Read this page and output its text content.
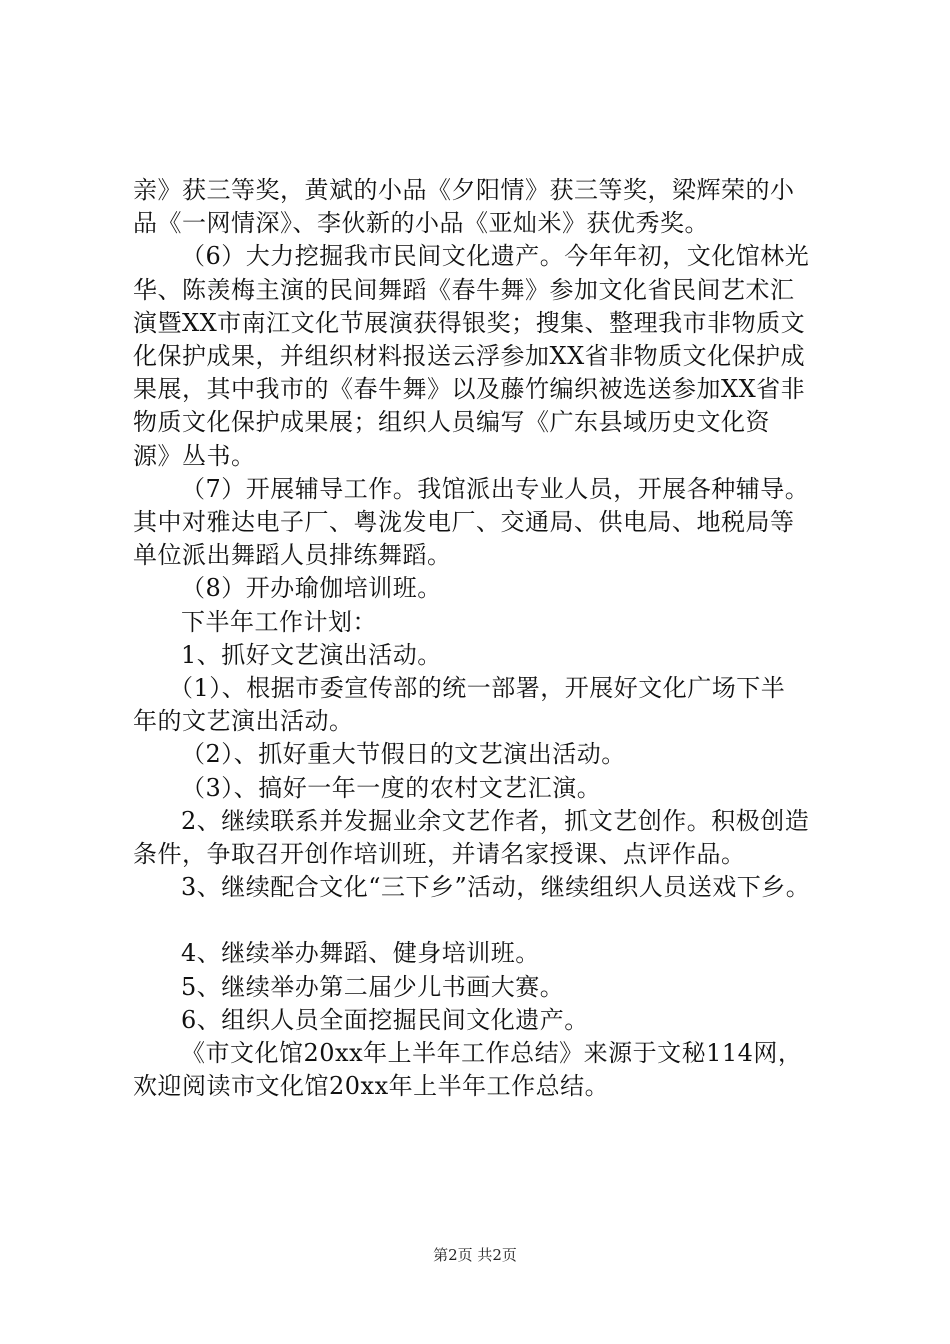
亲》获三等奖，黄斌的小品《夕阳情》获三等奖，梁辉荣的小

品《一网情深》、李伙新的小品《亚灿米》获优秀奖。

（6）大力挖掘我市民间文化遗产。今年年初，文化馆林光

华、陈羡梅主演的民间舞蹈《春牛舞》参加文化省民间艺术汇

演暨XX市南江文化节展演获得银奖；搜集、整理我市非物质文

化保护成果，并组织材料报送云浮参加XX省非物质文化保护成

果展，其中我市的《春牛舞》以及藤竹编织被选送参加XX省非

物质文化保护成果展；组织人员编写《广东县域历史文化资

源》丛书。

（7）开展辅导工作。我馆派出专业人员，开展各种辅导。

其中对雅达电子厂、粤泷发电厂、交通局、供电局、地税局等

单位派出舞蹈人员排练舞蹈。

（8）开办瑜伽培训班。

下半年工作计划：

1、抓好文艺演出活动。

（1）、根据市委宣传部的统一部署，开展好文化广场下半

年的文艺演出活动。

（2）、抓好重大节假日的文艺演出活动。

（3）、搞好一年一度的农村文艺汇演。

2、继续联系并发掘业余文艺作者，抓文艺创作。积极创造

条件，争取召开创作培训班，并请名家授课、点评作品。

3、继续配合文化“三下乡”活动，继续组织人员送戏下乡。

4、继续举办舞蹈、健身培训班。

5、继续举办第二届少儿书画大赛。

6、组织人员全面挖掘民间文化遗产。

《市文化馆20xx年上半年工作总结》来源于文秘114网，

欢迎阅读市文化馆20xx年上半年工作总结。

第2页 共2页
